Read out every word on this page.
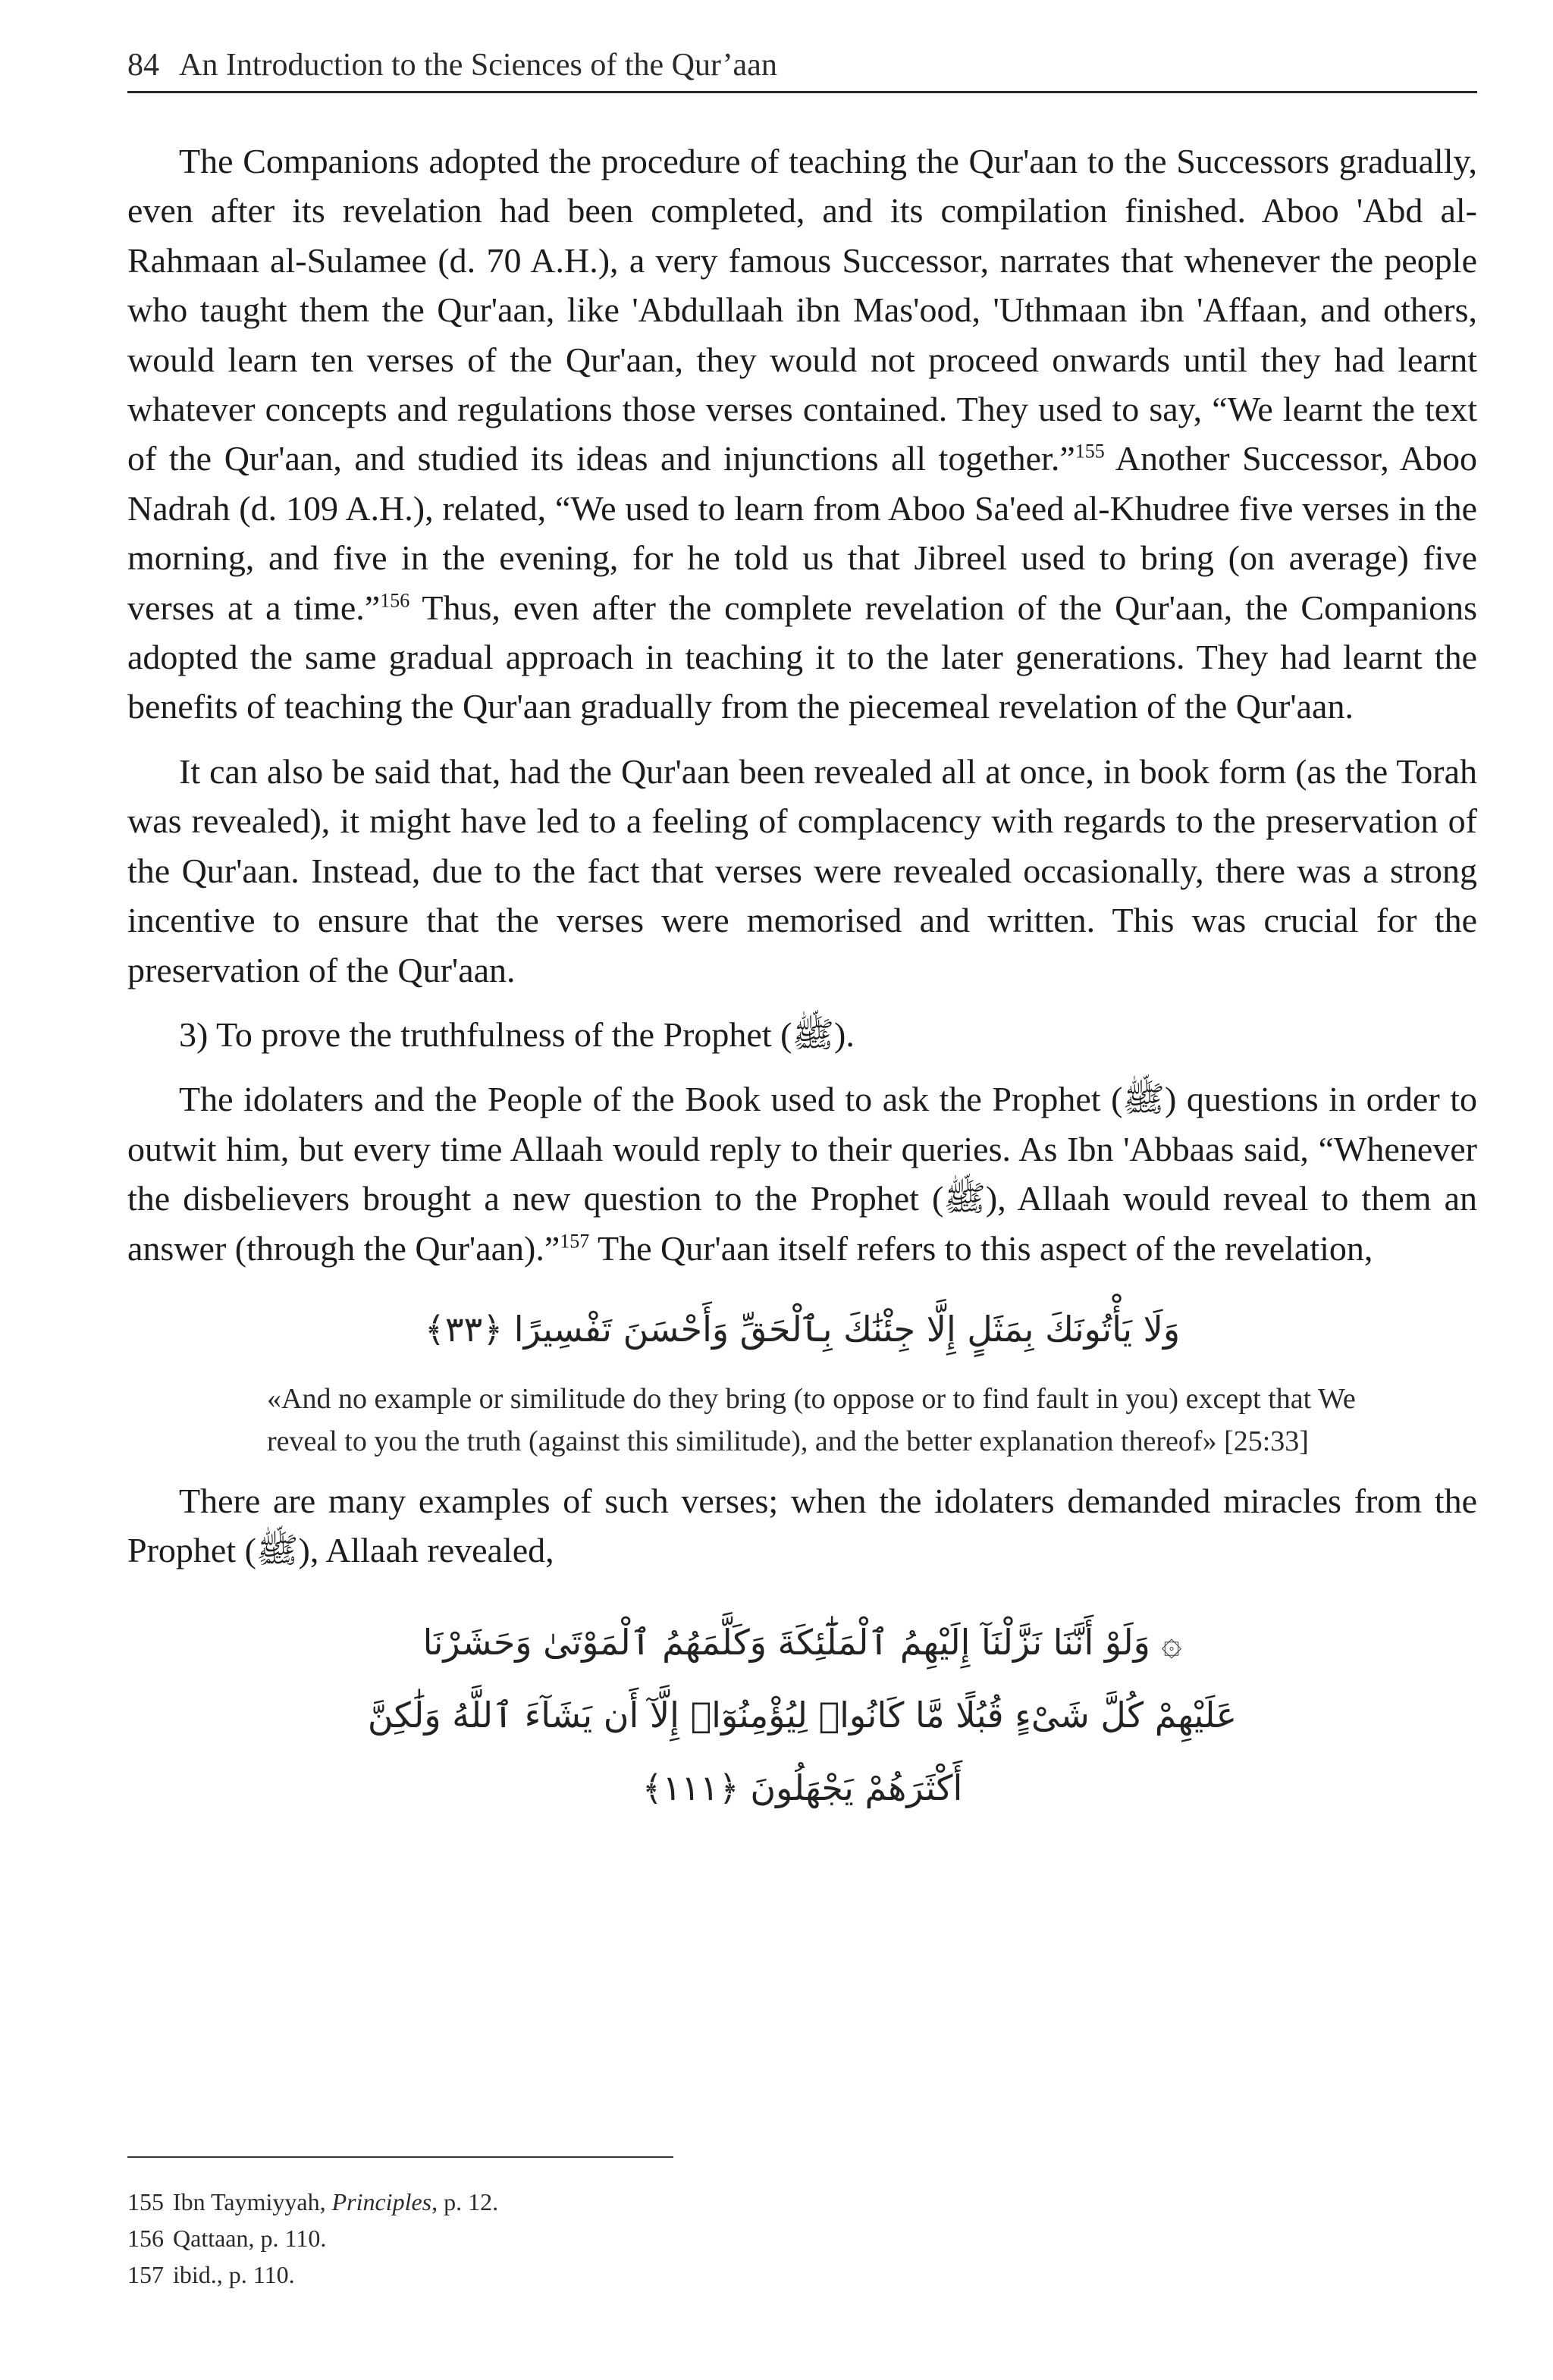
84 An Introduction to the Sciences of the Qur’aan

The Companions adopted the procedure of teaching the Qur'aan to the Successors gradually, even after its revelation had been completed, and its compilation finished. Aboo 'Abd al-Rahmaan al-Sulamee (d. 70 A.H.), a very famous Successor, narrates that whenever the people who taught them the Qur'aan, like 'Abdullaah ibn Mas'ood, 'Uthmaan ibn 'Affaan, and others, would learn ten verses of the Qur'aan, they would not proceed onwards until they had learnt whatever concepts and regulations those verses contained. They used to say, “We learnt the text of the Qur'aan, and studied its ideas and injunctions all together.”$^{155}$ Another Successor, Aboo Nadrah (d. 109 A.H.), related, “We used to learn from Aboo Sa'eed al-Khudree five verses in the morning, and five in the evening, for he told us that Jibreel used to bring (on average) five verses at a time.”$^{156}$ Thus, even after the complete revelation of the Qur'aan, the Companions adopted the same gradual approach in teaching it to the later generations. They had learnt the benefits of teaching the Qur'aan gradually from the piecemeal revelation of the Qur'aan.

It can also be said that, had the Qur'aan been revealed all at once, in book form (as the Torah was revealed), it might have led to a feeling of complacency with regards to the preservation of the Qur'aan. Instead, due to the fact that verses were revealed occasionally, there was a strong incentive to ensure that the verses were memorised and written. This was crucial for the preservation of the Qur'aan.

3) To prove the truthfulness of the Prophet (ﷺ).

The idolaters and the People of the Book used to ask the Prophet (ﷺ) questions in order to outwit him, but every time Allaah would reply to their queries. As Ibn 'Abbaas said, “Whenever the disbelievers brought a new question to the Prophet (ﷺ), Allaah would reveal to them an answer (through the Qur'aan).”$^{157}$ The Qur'aan itself refers to this aspect of the revelation,

وَلَا يَأْتُونَكَ بِمَثَلٍ إِلَّا جِئْنَٰكَ بِٱلْحَقِّ وَأَحْسَنَ تَفْسِيرًا ﴿٣٣﴾
«And no example or similitude do they bring (to oppose or to find fault in you) except that We reveal to you the truth (against this similitude), and the better explanation thereof» [25:33]

There are many examples of such verses; when the idolaters demanded miracles from the Prophet (ﷺ), Allaah revealed,

۞ وَلَوْ أَنَّنَا نَزَّلْنَآ إِلَيْهِمُ ٱلْمَلَٰٓئِكَةَ وَكَلَّمَهُمُ ٱلْمَوْتَىٰ وَحَشَرْنَا
عَلَيْهِمْ كُلَّ شَىْءٍ قُبُلًا مَّا كَانُوا۟ لِيُؤْمِنُوٓا۟ إِلَّآ أَن يَشَآءَ ٱللَّهُ وَلَٰكِنَّ
أَكْثَرَهُمْ يَجْهَلُونَ ﴿١١١﴾
155 Ibn Taymiyyah, Principles, p. 12.
156 Qattaan, p. 110.
157 ibid., p. 110.
